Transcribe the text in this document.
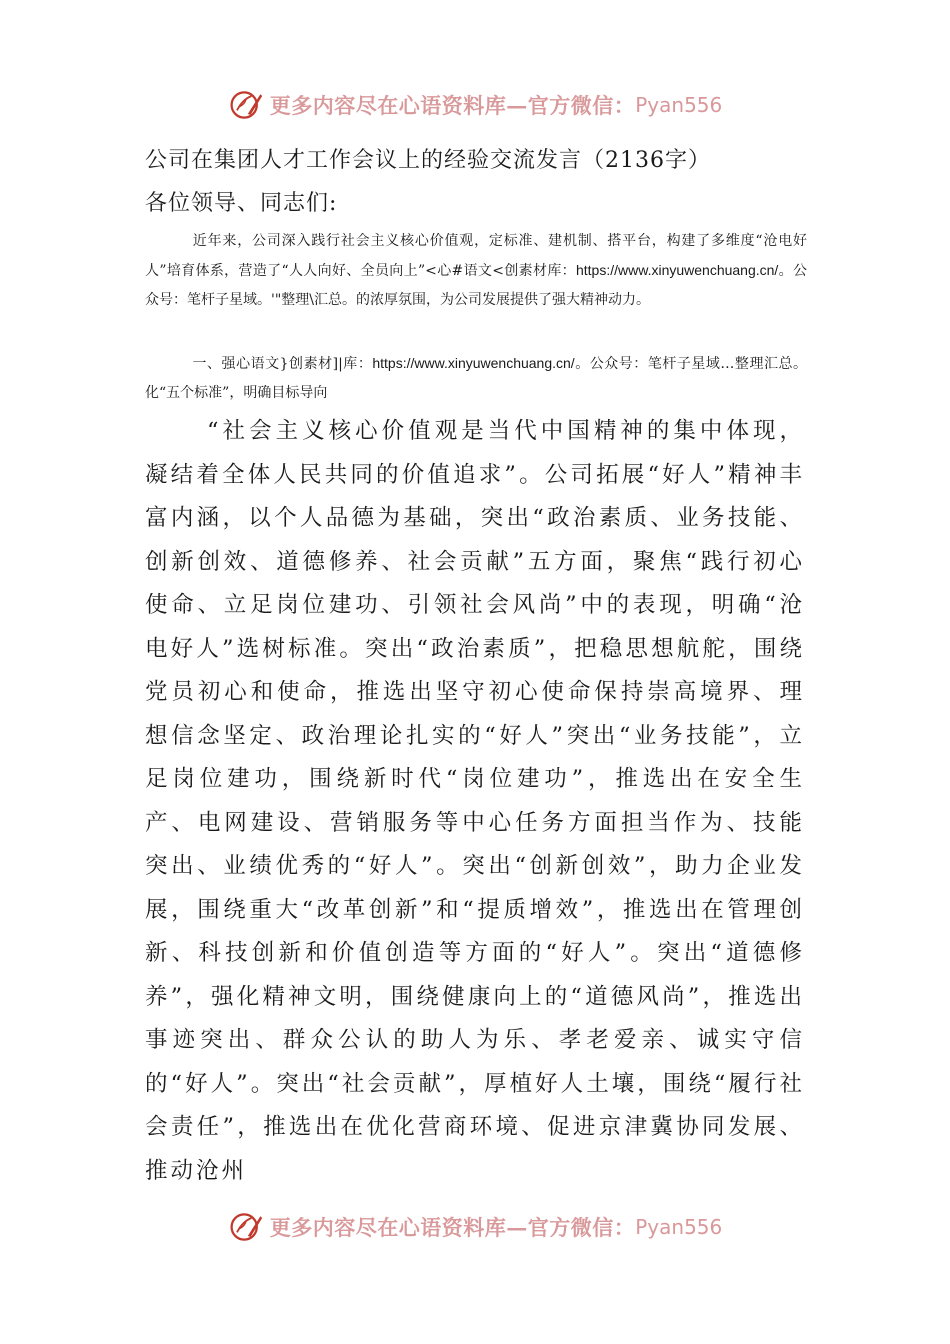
更多内容尽在心语资料库—官方微信： Pyan556
公司在集团人才工作会议上的经验交流发言（2136字）
各位领导、同志们:
近年来，公司深入践行社会主义核心价值观，定标准、建机制、搭平台，构建了多维度“沧电好人”培育体系，营造了“人人向好、全员向上”<心#语文<创素材库：https://www.xinyuwenchuang.cn/。公众号：笔杆子星域。'"整理\汇总。的浓厚氛围，为公司发展提供了强大精神动力。
一、强心语文}创素材]|库：https://www.xinyuwenchuang.cn/。公众号：笔杆子星域…整理汇总。化“五个标准”，明确目标导向
“社会主义核心价值观是当代中国精神的集中体现，凝结着全体人民共同的价值追求”。公司拓展“好人”精神丰富内涵，以个人品德为基础，突出“政治素质、业务技能、创新创效、道德修养、社会贡献”五方面，聚焦“践行初心使命、立足岗位建功、引领社会风尚”中的表现，明确“沧电好人”选树标准。突出“政治素质”，把稳思想航舵，围绕党员初心和使命，推选出坚守初心使命保持崇高境界、理想信念坚定、政治理论扎实的“好人”突出“业务技能”，立足岗位建功，围绕新时代“岗位建功”，推选出在安全生产、电网建设、营销服务等中心任务方面担当作为、技能突出、业绩优秀的“好人”。突出“创新创效”，助力企业发展，围绕重大“改革创新”和“提质增效”，推选出在管理创新、科技创新和价值创造等方面的“好人”。突出“道德修养”，强化精神文明，围绕健康向上的“道德风尚”，推选出事迹突出、群众公认的助人为乐、孝老爱亲、诚实守信的“好人”。突出“社会贡献”，厚植好人土壤，围绕“履行社会责任”，推选出在优化营商环境、促进京津冀协同发展、推动沧州
更多内容尽在心语资料库—官方微信： Pyan556
